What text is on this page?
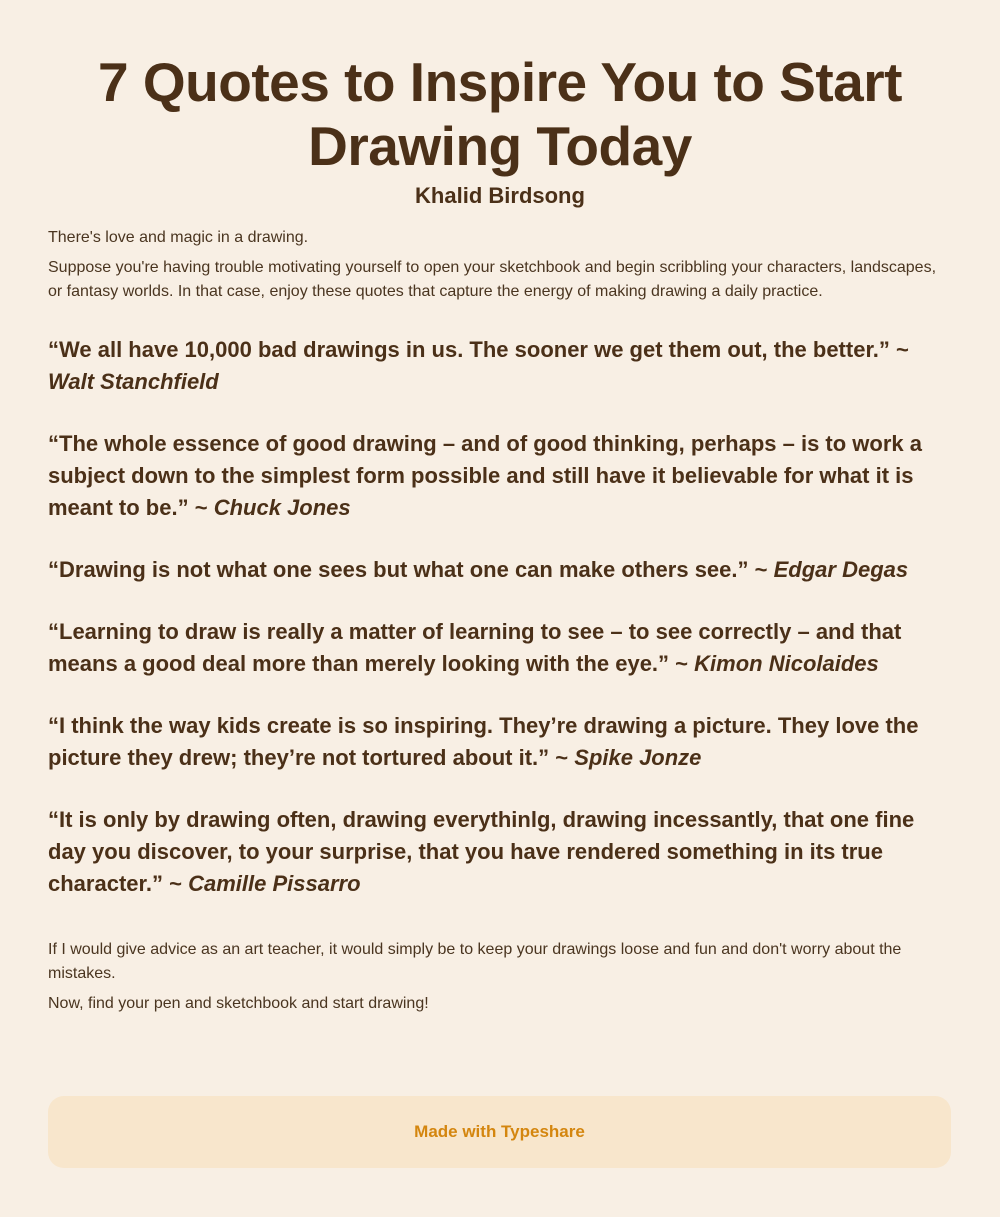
7 Quotes to Inspire You to Start Drawing Today
Khalid Birdsong

There's love and magic in a drawing.

Suppose you're having trouble motivating yourself to open your sketchbook and begin scribbling your characters, landscapes, or fantasy worlds. In that case, enjoy these quotes that capture the energy of making drawing a daily practice.

“We all have 10,000 bad drawings in us. The sooner we get them out, the better.” ~ Walt Stanchfield

“The whole essence of good drawing – and of good thinking, perhaps – is to work a subject down to the simplest form possible and still have it believable for what it is meant to be.” ~ Chuck Jones

“Drawing is not what one sees but what one can make others see.” ~ Edgar Degas

“Learning to draw is really a matter of learning to see – to see correctly – and that means a good deal more than merely looking with the eye.” ~ Kimon Nicolaides

“I think the way kids create is so inspiring. They’re drawing a picture. They love the picture they drew; they’re not tortured about it.” ~ Spike Jonze

“It is only by drawing often, drawing everythinlg, drawing incessantly, that one fine day you discover, to your surprise, that you have rendered something in its true character.” ~ Camille Pissarro

If I would give advice as an art teacher, it would simply be to keep your drawings loose and fun and don't worry about the mistakes.

Now, find your pen and sketchbook and start drawing!

Made with Typeshare
